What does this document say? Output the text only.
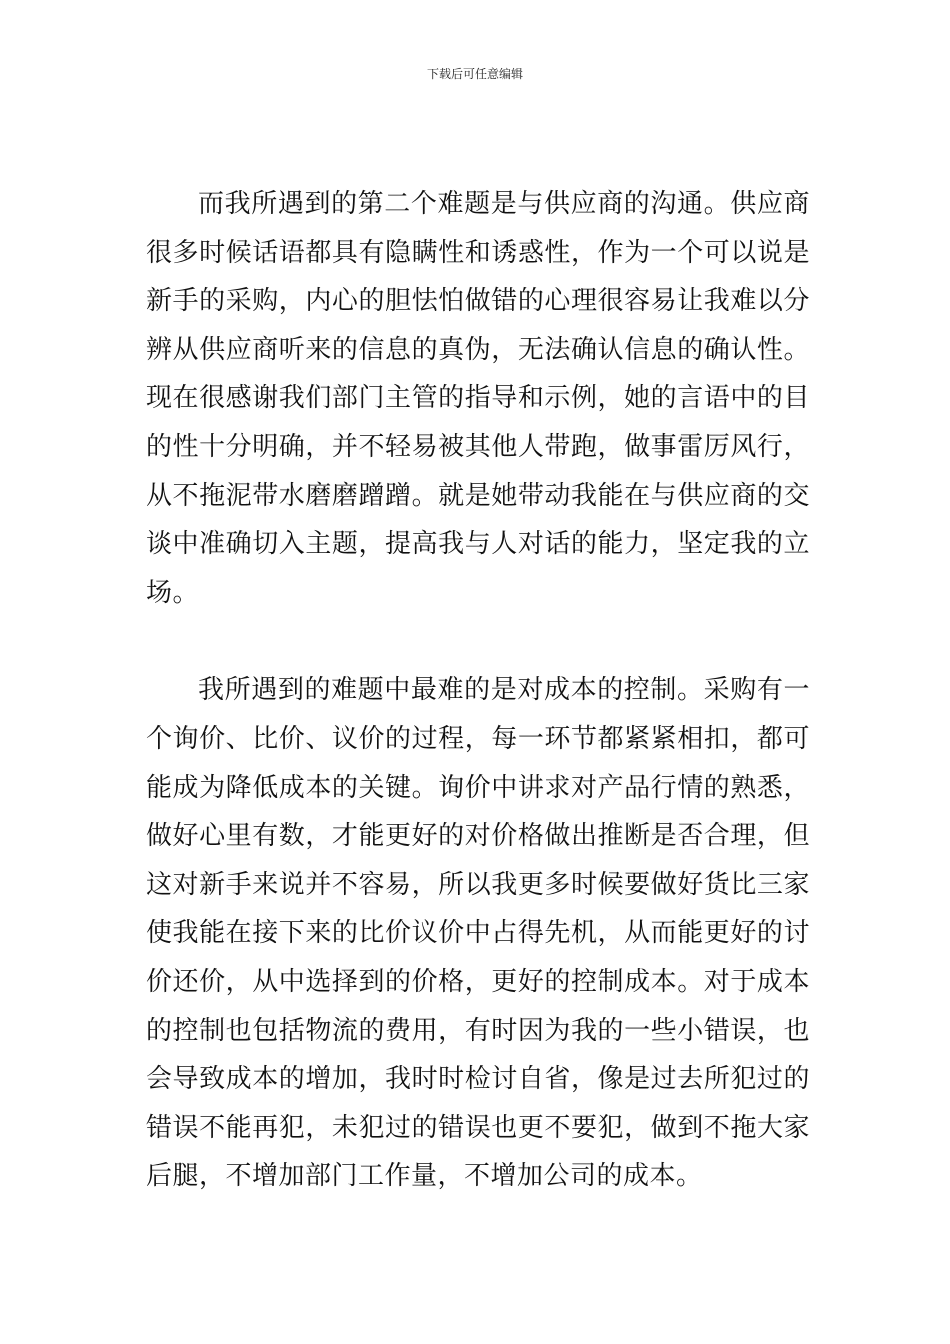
下载后可任意编辑

而我所遇到的第二个难题是与供应商的沟通。供应商很多时候话语都具有隐瞒性和诱惑性，作为一个可以说是新手的采购，内心的胆怯怕做错的心理很容易让我难以分辨从供应商听来的信息的真伪，无法确认信息的确认性。现在很感谢我们部门主管的指导和示例，她的言语中的目的性十分明确，并不轻易被其他人带跑，做事雷厉风行，从不拖泥带水磨磨蹭蹭。就是她带动我能在与供应商的交谈中准确切入主题，提高我与人对话的能力，坚定我的立场。

我所遇到的难题中最难的是对成本的控制。采购有一个询价、比价、议价的过程，每一环节都紧紧相扣，都可能成为降低成本的关键。询价中讲求对产品行情的熟悉，做好心里有数，才能更好的对价格做出推断是否合理，但这对新手来说并不容易，所以我更多时候要做好货比三家使我能在接下来的比价议价中占得先机，从而能更好的讨价还价，从中选择到的价格，更好的控制成本。对于成本的控制也包括物流的费用，有时因为我的一些小错误，也会导致成本的增加，我时时检讨自省，像是过去所犯过的错误不能再犯，未犯过的错误也更不要犯，做到不拖大家后腿，不增加部门工作量，不增加公司的成本。
